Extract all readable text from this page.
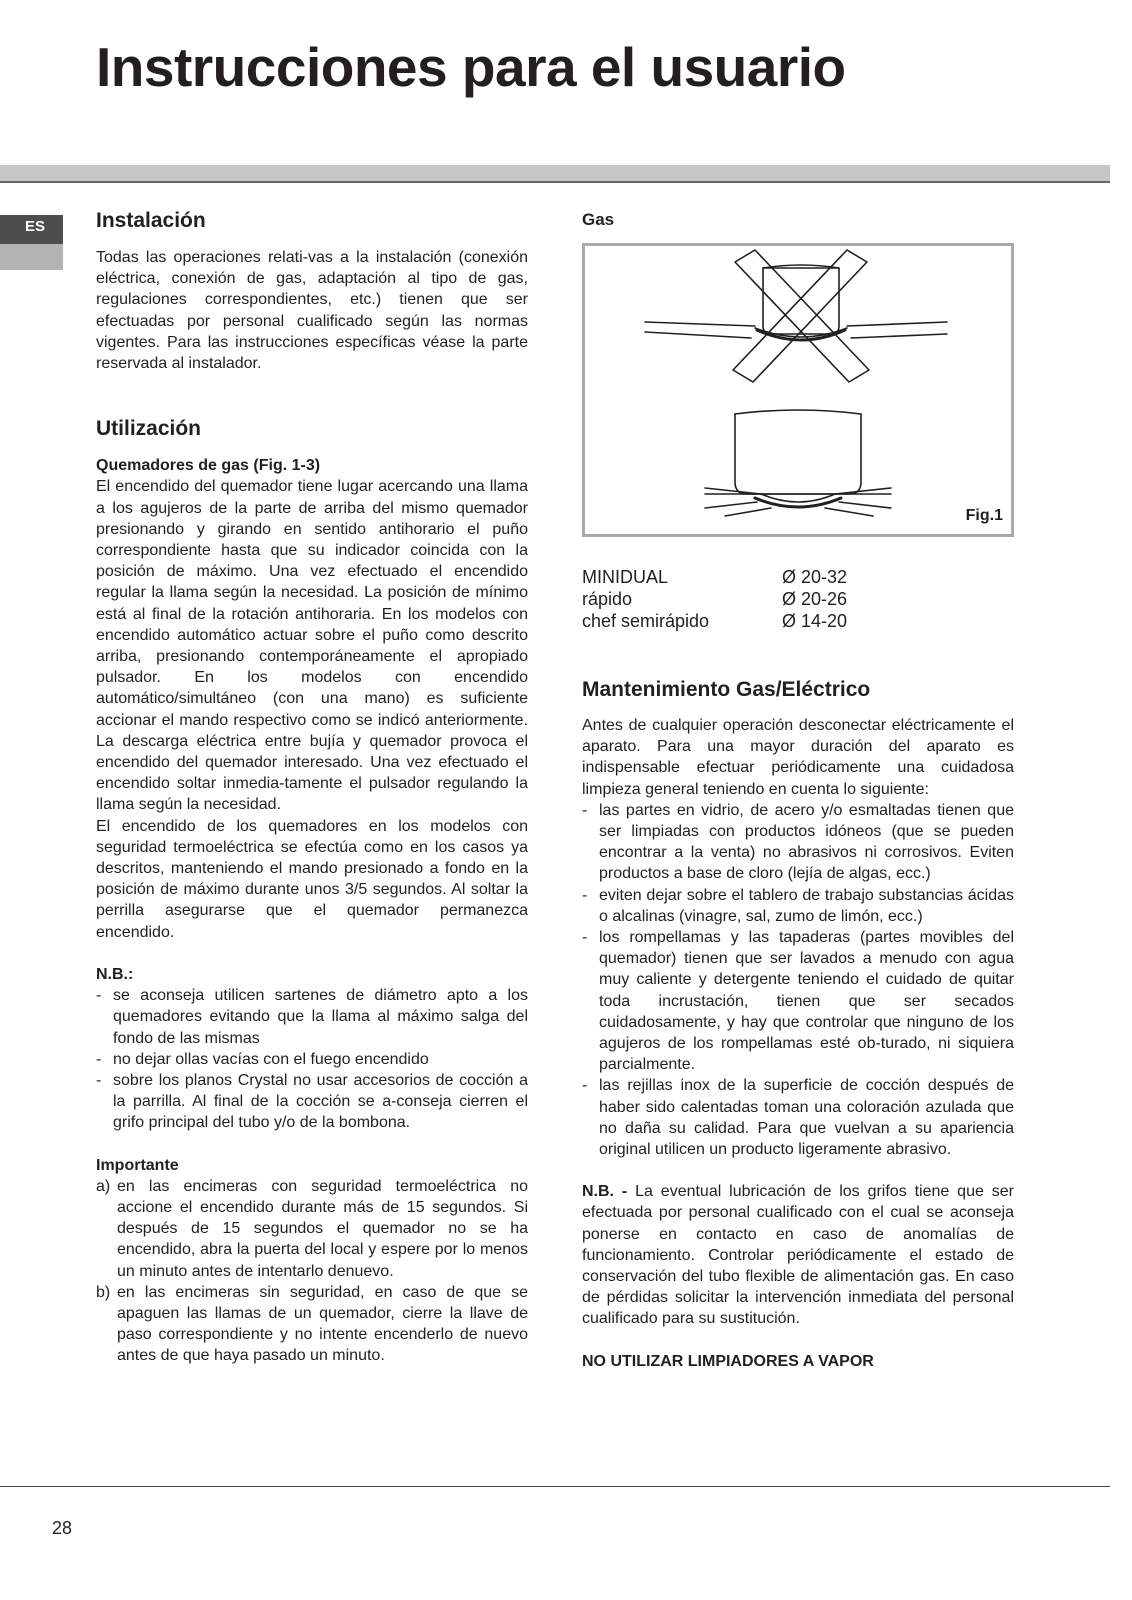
Instrucciones para el usuario
ES	Instalación

Todas las operaciones relati-vas a la instalación (conexión eléctrica, conexión de gas, adaptación al tipo de gas, regulaciones correspondientes, etc.) tienen que ser efectuadas por personal cualificado según las normas vigentes. Para las instrucciones específicas véase la parte reservada al instalador.

Utilización
Quemadores de gas (Fig. 1-3)

El encendido del quemador tiene lugar acercando una llama a los agujeros de la parte de arriba del mismo quemador presionando y girando en sentido antihorario el puño correspondiente hasta que su indicador coincida con la posición de máximo. Una vez efectuado el encendido regular la llama según la necesidad. La posición de mínimo está al final de la rotación antihoraria. En los modelos con encendido automático actuar sobre el puño como descrito arriba, presionando contemporáneamente el apropiado pulsador. En los modelos con encendido automático/simultáneo (con una mano) es suficiente accionar el mando respectivo como se indicó anteriormente. La descarga eléctrica entre bujía y quemador provoca el encendido del quemador interesado. Una vez efectuado el encendido soltar inmedia-tamente el pulsador regulando la llama según la necesidad.

El encendido de los quemadores en los modelos con seguridad termoeléctrica se efectúa como en los casos ya descritos, manteniendo el mando presionado a fondo en la posición de máximo durante unos 3/5 segundos. Al soltar la perrilla asegurarse que el quemador permanezca encendido.

N.B.:
- se aconseja utilicen sartenes de diámetro apto a los quemadores evitando que la llama al máximo salga del fondo de las mismas
- no dejar ollas vacías con el fuego encendido
- sobre los planos Crystal no usar accesorios de cocción a la parrilla. Al final de la cocción se a-conseja cierren el grifo principal del tubo y/o de la bombona.
Importante
a) en las encimeras con seguridad termoeléctrica no accione el encendido durante más de 15 segundos. Si después de 15 segundos el quemador no se ha encendido, abra la puerta del local y espere por lo menos un minuto antes de intentarlo denuevo.
b) en las encimeras sin seguridad, en caso de que se apaguen las llamas de un quemador, cierre la llave de paso correspondiente y no intente encenderlo de nuevo antes de que haya pasado un minuto.
Gas
Fig.1
MINIDUAL	Ø 20-32
rápido	Ø 20-26
chef semirápido	Ø 14-20
Mantenimiento Gas/Eléctrico

Antes de cualquier operación desconectar eléctricamente el aparato. Para una mayor duración del aparato es indispensable efectuar periódicamente una cuidadosa limpieza general teniendo en cuenta lo siguiente:

- las partes en vidrio, de acero y/o esmaltadas tienen que ser limpiadas con productos idóneos (que se pueden encontrar a la venta) no abrasivos ni corrosivos. Eviten productos a base de cloro (lejía de algas, ecc.)
- eviten dejar sobre el tablero de trabajo substancias ácidas o alcalinas (vinagre, sal, zumo de limón, ecc.)
- los rompellamas y las tapaderas (partes movibles del quemador) tienen que ser lavados a menudo con agua muy caliente y detergente teniendo el cuidado de quitar toda incrustación, tienen que ser secados cuidadosamente, y hay que controlar que ninguno de los agujeros de los rompellamas esté ob-turado, ni siquiera parcialmente.
- las rejillas inox de la superficie de cocción después de haber sido calentadas toman una coloración azulada que no daña su calidad. Para que vuelvan a su apariencia original utilicen un producto ligeramente abrasivo.

N.B. - La eventual lubricación de los grifos tiene que ser efectuada por personal cualificado con el cual se aconseja ponerse en contacto en caso de anomalías de funcionamiento. Controlar periódicamente el estado de conservación del tubo flexible de alimentación gas. En caso de pérdidas solicitar la intervención inmediata del personal cualificado para su sustitución.

NO UTILIZAR LIMPIADORES A VAPOR
28
